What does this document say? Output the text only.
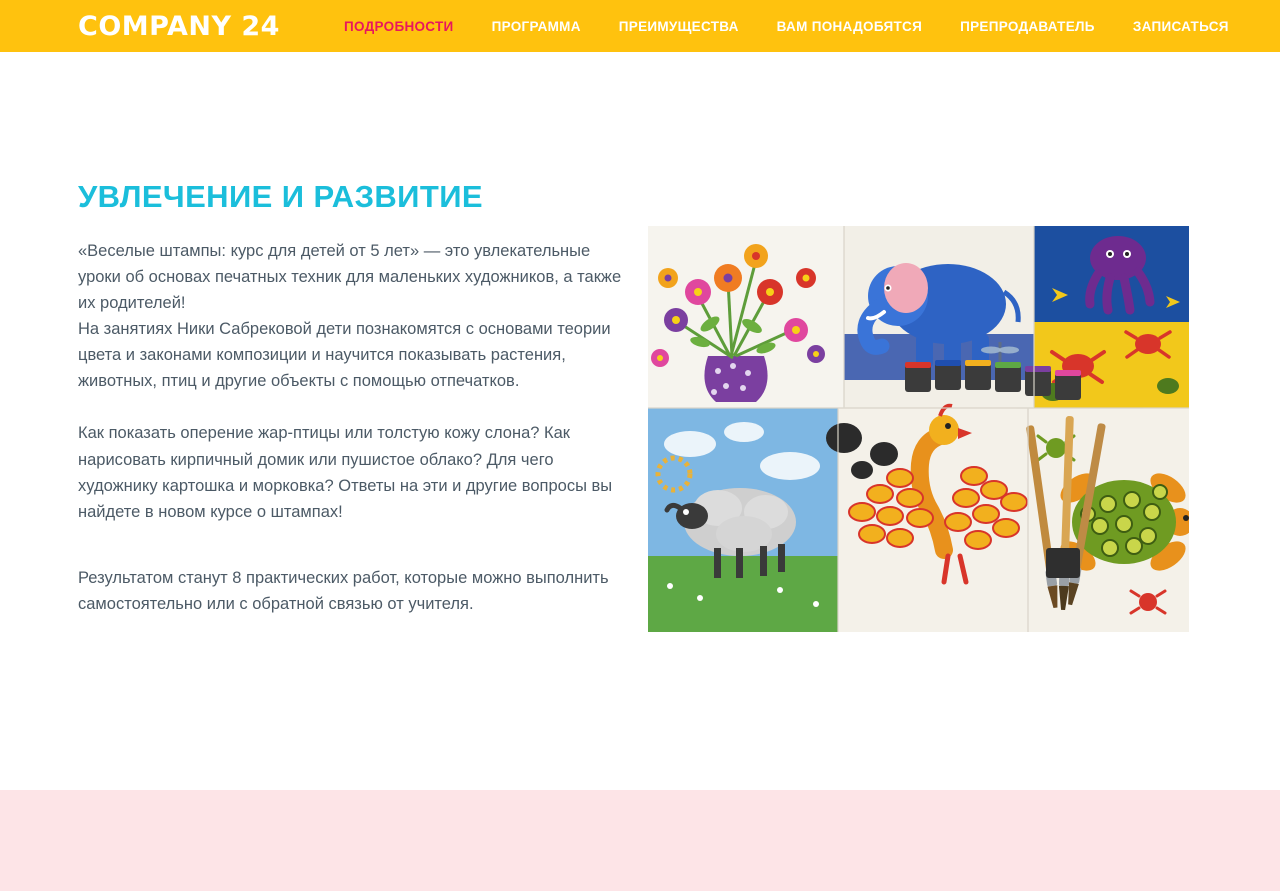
COMPANY 24	ПОДРОБНОСТИ	ПРОГРАММА	ПРЕИМУЩЕСТВА	ВАМ ПОНАДОБЯТСЯ	ПРЕПРОДАВАТЕЛЬ	ЗАПИСАТЬСЯ
УВЛЕЧЕНИЕ И РАЗВИТИЕ

«Веселые штампы: курс для детей от 5 лет» — это увлекательные уроки об основах печатных техник для маленьких художников, а также их родителей!
На занятиях Ники Сабрековой дети познакомятся с основами теории цвета и законами композиции и научится показывать растения, животных, птиц и другие объекты с помощью отпечатков.

Как показать оперение жар-птицы или толстую кожу слона? Как нарисовать кирпичный домик или пушистое облако? Для чего художнику картошка и морковка? Ответы на эти и другие вопросы вы найдете в новом курсе о штампах!

Результатом станут 8 практических работ, которые можно выполнить самостоятельно или с обратной связью от учителя.
